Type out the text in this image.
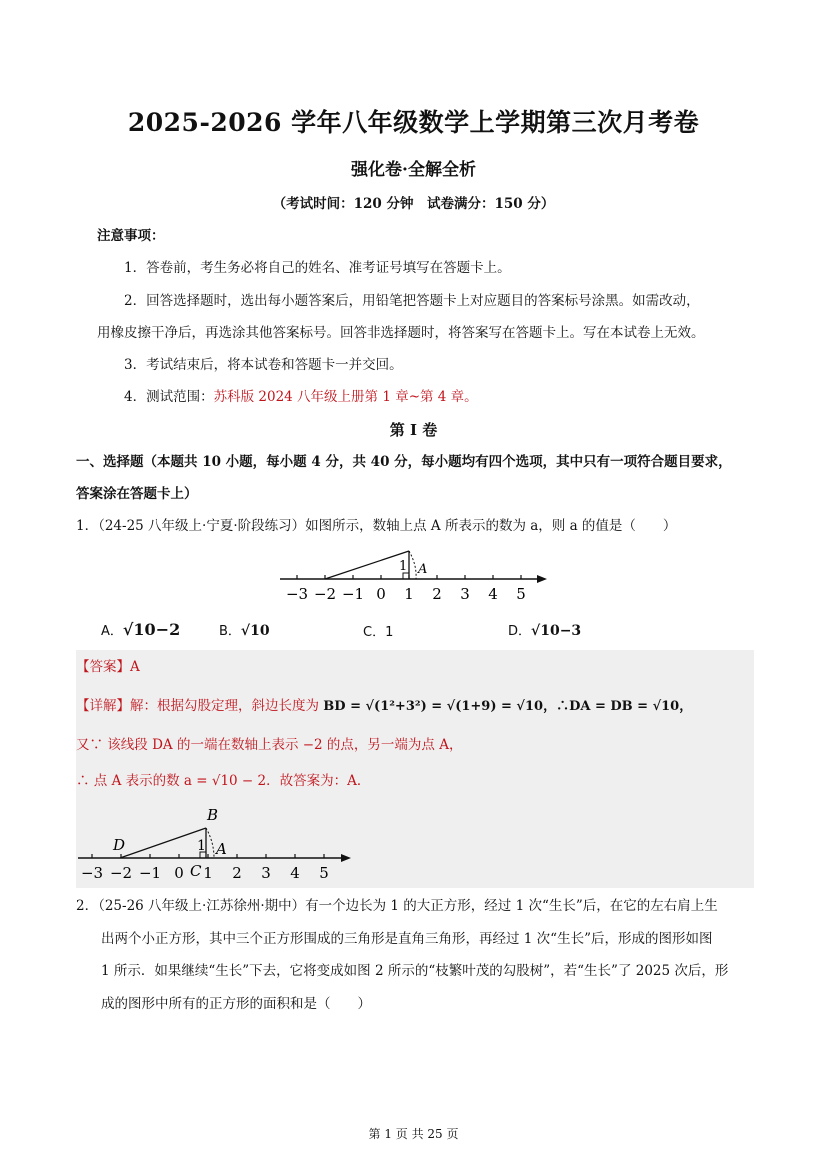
2025-2026 学年八年级数学上学期第三次月考卷
强化卷·全解全析
（考试时间：120 分钟　试卷满分：150 分）
注意事项：
1．答卷前，考生务必将自己的姓名、准考证号填写在答题卡上。
2．回答选择题时，选出每小题答案后，用铅笔把答题卡上对应题目的答案标号涂黑。如需改动，
用橡皮擦干净后，再选涂其他答案标号。回答非选择题时，将答案写在答题卡上。写在本试卷上无效。
3．考试结束后，将本试卷和答题卡一并交回。
4．测试范围：苏科版 2024 八年级上册第 1 章~第 4 章。
第 I 卷
一、选择题（本题共 10 小题，每小题 4 分，共 40 分，每小题均有四个选项，其中只有一项符合题目要求，
答案涂在答题卡上）
1．（24-25 八年级上·宁夏·阶段练习）如图所示，数轴上点 A 所表示的数为 a，则 a 的值是（　　）
−3 −2 −1 0 1 2 3 4 5
1 A
A．√10−2	B．√10	C．1	D．√10−3
【答案】A
【详解】解：根据勾股定理，斜边长度为 BD = √(1²+3²) = √(1+9) = √10，∴DA = DB = √10，
又∵ 该线段 DA 的一端在数轴上表示 −2 的点，另一端为点 A，
∴ 点 A 表示的数 a = √10 − 2．故答案为：A．
−3 −2 −1 0 1 2 3 4 5
B
D
C
1 A
2．（25-26 八年级上·江苏徐州·期中）有一个边长为 1 的大正方形，经过 1 次“生长”后，在它的左右肩上生
出两个小正方形，其中三个正方形围成的三角形是直角三角形，再经过 1 次“生长”后，形成的图形如图
1 所示．如果继续“生长”下去，它将变成如图 2 所示的“枝繁叶茂的勾股树”，若“生长”了 2025 次后，形
成的图形中所有的正方形的面积和是（　　）
第 1 页 共 25 页
